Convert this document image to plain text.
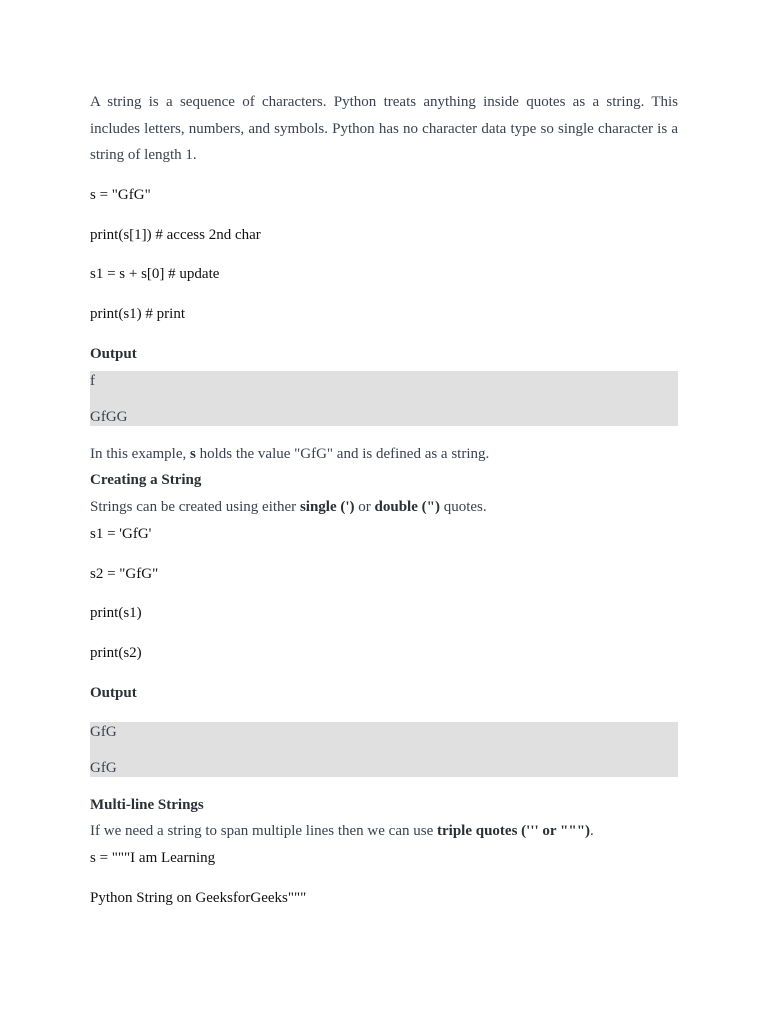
A string is a sequence of characters. Python treats anything inside quotes as a string. This includes letters, numbers, and symbols. Python has no character data type so single character is a string of length 1.

s = "GfG"
print(s[1]) # access 2nd char
s1 = s + s[0] # update
print(s1) # print
Output
f
GfGG
In this example, s holds the value "GfG" and is defined as a string.
Creating a String
Strings can be created using either single (') or double (") quotes.
s1 = 'GfG'
s2 = "GfG"
print(s1)
print(s2)
Output
GfG
GfG
Multi-line Strings
If we need a string to span multiple lines then we can use triple quotes (''' or """).
s = """I am Learning
Python String on GeeksforGeeks"""
